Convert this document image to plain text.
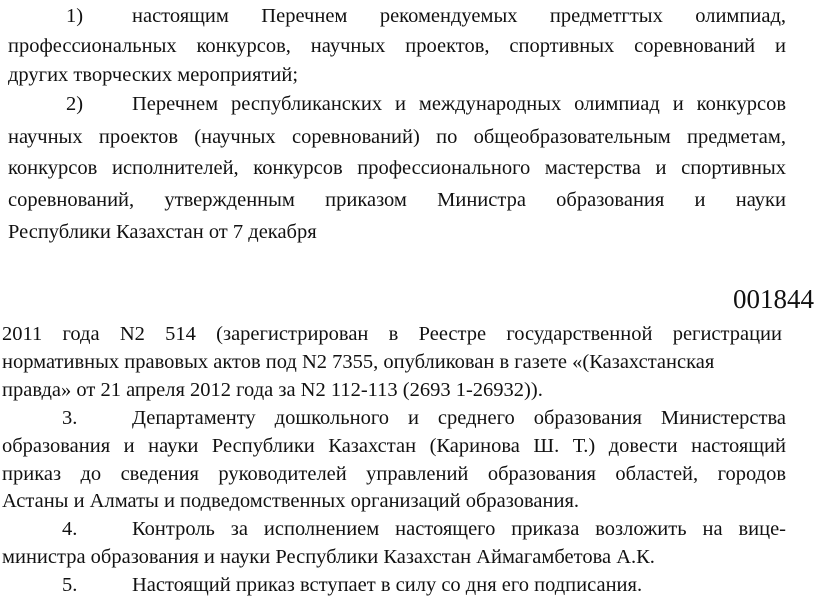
1) настоящим Перечнем рекомендуемых предметгтых олимпиад,
профессиональных конкурсов, научных проектов, спортивных соревнований и
других творческих мероприятий;
2) Перечнем республиканских и международных олимпиад и конкурсов
научных проектов (научных соревнований) по общеобразовательным предметам,
конкурсов исполнителей, конкурсов профессионального мастерства и спортивных
соревнований, утвержденным приказом Министра образования и науки
Республики Казахстан от 7 декабря
001844
2011 года N2 514 (зарегистрирован в Реестре государственной регистрации
нормативных правовых актов под N2 7355, опубликован в газете «(Казахстанская
правда» от 21 апреля 2012 года за N2 112-113 (2693 1-26932)).
3.	Департаменту дошкольного и среднего образования Министерства
образования и науки Республики Казахстан (Каринова Ш. Т.) довести настоящий
приказ до сведения руководителей управлений образования областей, городов
Астаны и Алматы и подведомственных организаций образования.
4.	Контроль за исполнением настоящего приказа возложить на вице-
министра образования и науки Республики Казахстан Аймагамбетова А.К.
5.	Настоящий приказ вступает в силу со дня его подписания.
